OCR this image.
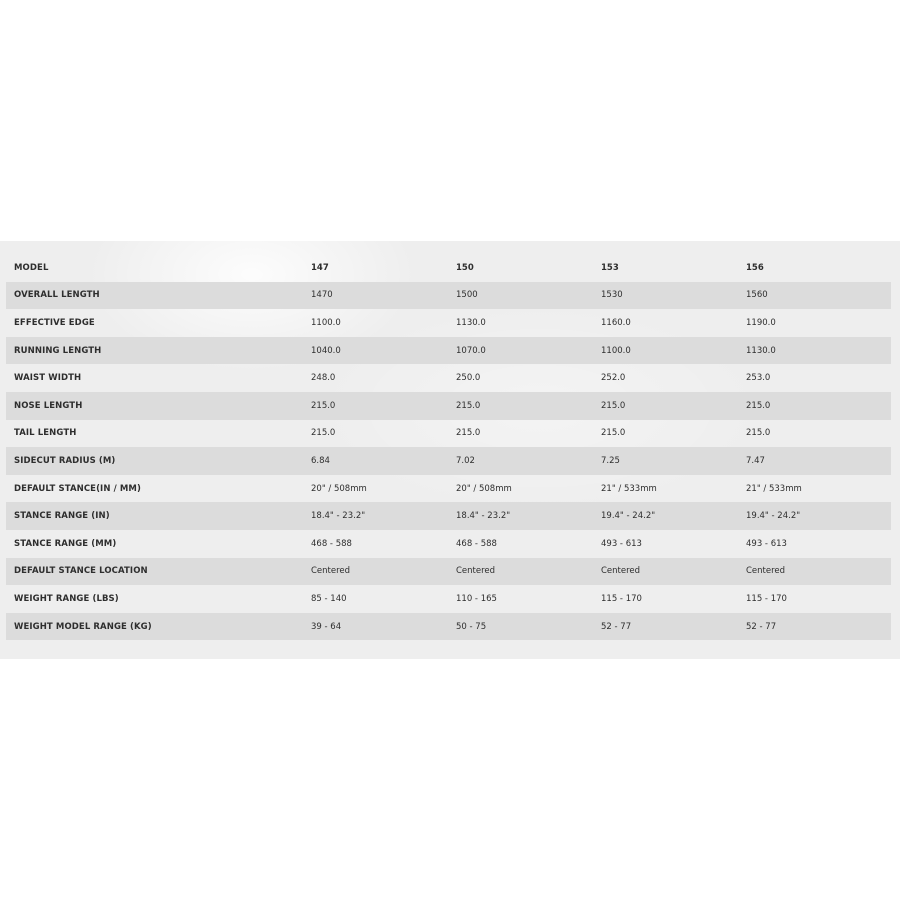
MODEL	147	150	153	156
OVERALL LENGTH	1470	1500	1530	1560
EFFECTIVE EDGE	1100.0	1130.0	1160.0	1190.0
RUNNING LENGTH	1040.0	1070.0	1100.0	1130.0
WAIST WIDTH	248.0	250.0	252.0	253.0
NOSE LENGTH	215.0	215.0	215.0	215.0
TAIL LENGTH	215.0	215.0	215.0	215.0
SIDECUT RADIUS (M)	6.84	7.02	7.25	7.47
DEFAULT STANCE(IN / MM)	20" / 508mm	20" / 508mm	21" / 533mm	21" / 533mm
STANCE RANGE (IN)	18.4" - 23.2"	18.4" - 23.2"	19.4" - 24.2"	19.4" - 24.2"
STANCE RANGE (MM)	468 - 588	468 - 588	493 - 613	493 - 613
DEFAULT STANCE LOCATION	Centered	Centered	Centered	Centered
WEIGHT RANGE (LBS)	85 - 140	110 - 165	115 - 170	115 - 170
WEIGHT MODEL RANGE (KG)	39 - 64	50 - 75	52 - 77	52 - 77
